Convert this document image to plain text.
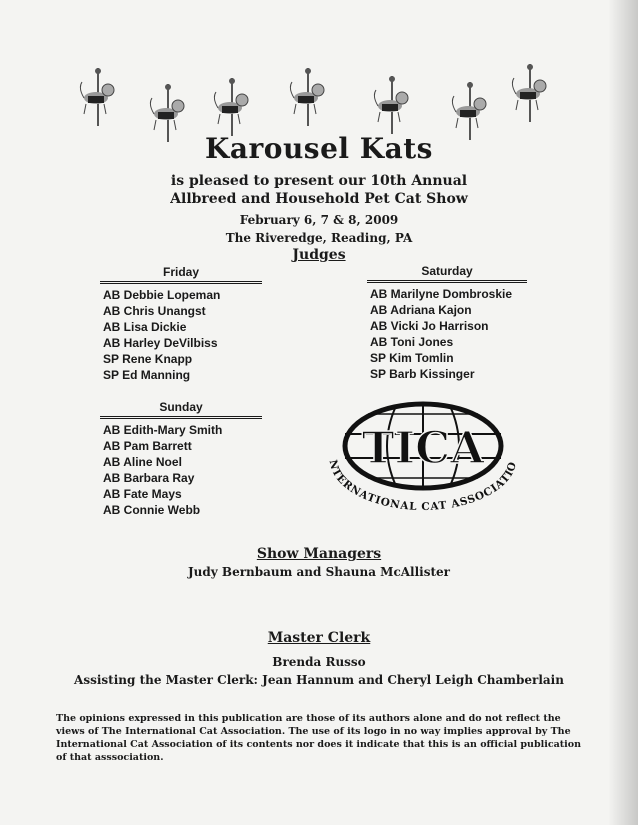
Karousel Kats
is pleased to present our 10th Annual
Allbreed and Household Pet Cat Show
February 6, 7 & 8, 2009
The Riveredge, Reading, PA
Judges
Friday
AB Debbie Lopeman
AB Chris Unangst
AB Lisa Dickie
AB Harley DeVilbiss
SP Rene Knapp
SP Ed Manning
Saturday
AB Marilyne Dombroskie
AB Adriana Kajon
AB Vicki Jo Harrison
AB Toni Jones
SP Kim Tomlin
SP Barb Kissinger
Sunday
AB Edith-Mary Smith
AB Pam Barrett
AB Aline Noel
AB Barbara Ray
AB Fate Mays
AB Connie Webb
TICA
NTERNATIONAL CAT ASSOCIATIO
Show Managers
Judy Bernbaum and Shauna McAllister
Master Clerk
Brenda Russo
Assisting the Master Clerk: Jean Hannum and Cheryl Leigh Chamberlain
The opinions expressed in this publication are those of its authors alone and do not reflect the views of The International Cat Association. The use of its logo in no way implies approval by The International Cat Association of its contents nor does it indicate that this is an official publication of that asssociation.
